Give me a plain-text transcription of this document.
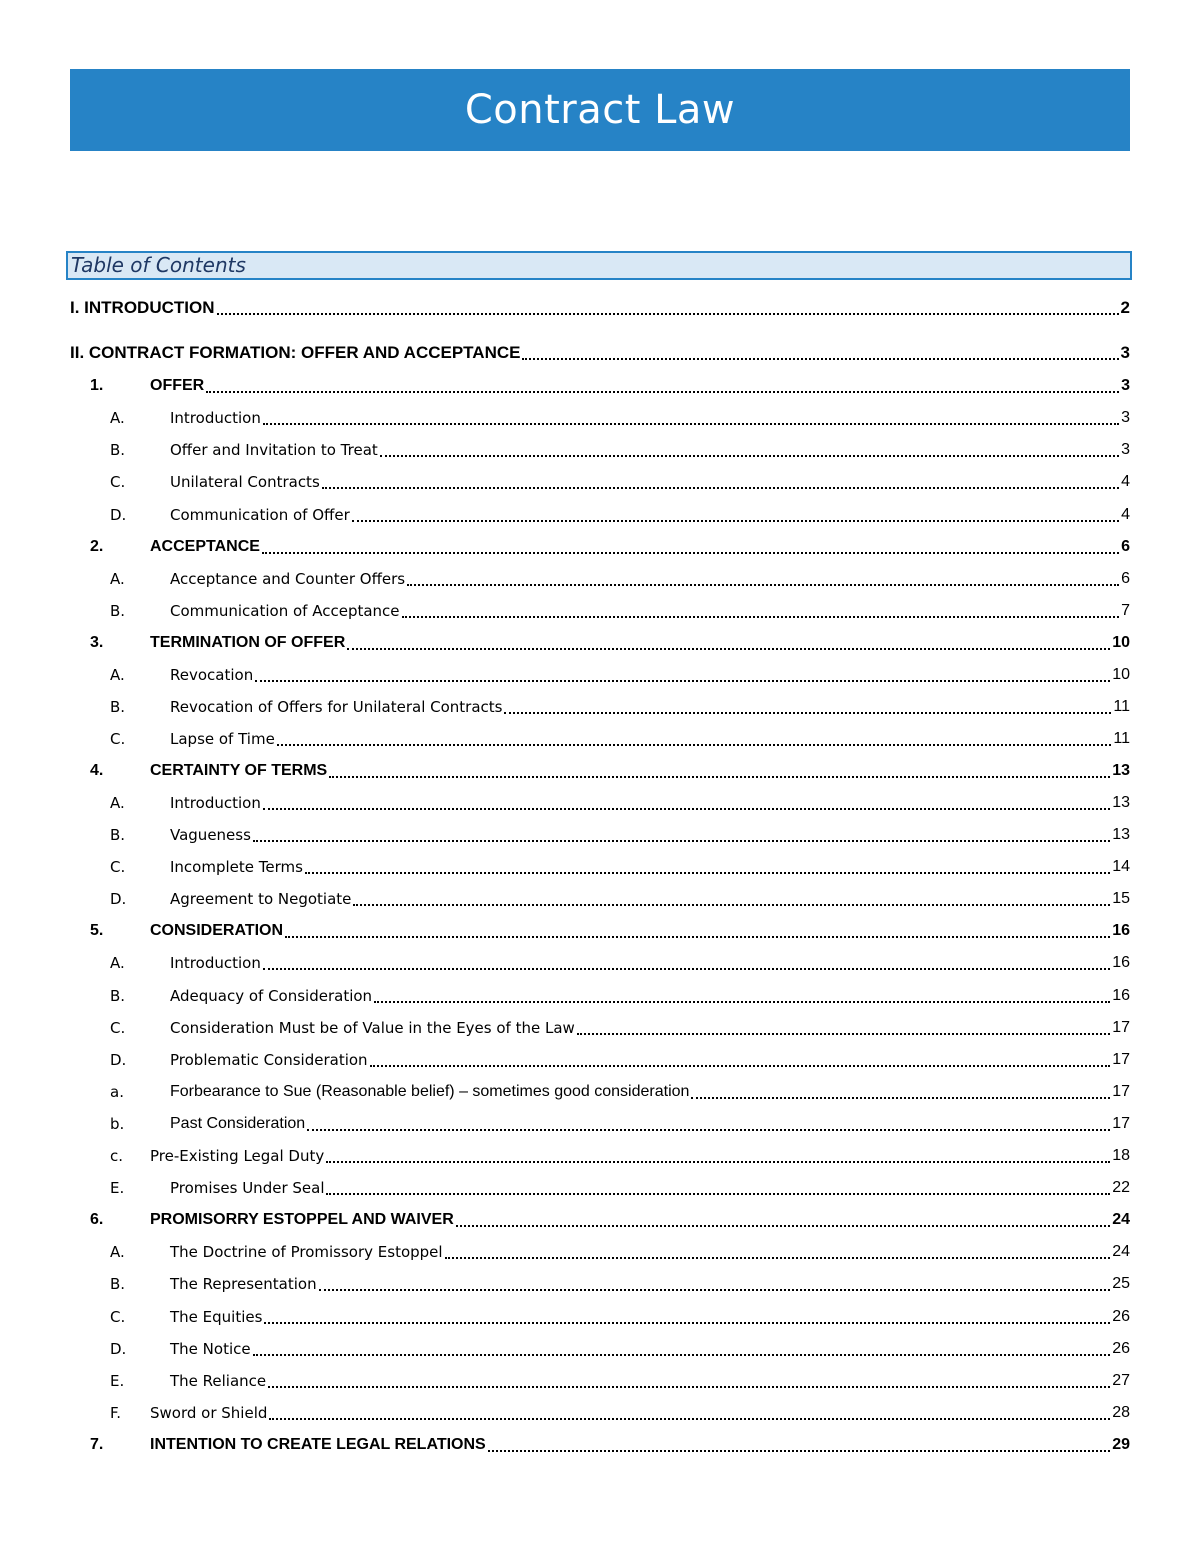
Contract Law
Table of Contents
I. INTRODUCTION	2
II. CONTRACT FORMATION: OFFER AND ACCEPTANCE	3
1.	OFFER	3
A.	Introduction	3
B.	Offer and Invitation to Treat	3
C.	Unilateral Contracts	4
D.	Communication of Offer	4
2.	ACCEPTANCE	6
A.	Acceptance and Counter Offers	6
B.	Communication of Acceptance	7
3.	TERMINATION OF OFFER	10
A.	Revocation	10
B.	Revocation of Offers for Unilateral Contracts	11
C.	Lapse of Time	11
4.	CERTAINTY OF TERMS	13
A.	Introduction	13
B.	Vagueness	13
C.	Incomplete Terms	14
D.	Agreement to Negotiate	15
5.	CONSIDERATION	16
A.	Introduction	16
B.	Adequacy of Consideration	16
C.	Consideration Must be of Value in the Eyes of the Law	17
D.	Problematic Consideration	17
a.	Forbearance to Sue (Reasonable belief) – sometimes good consideration	17
b.	Past Consideration	17
c. Pre-Existing Legal Duty	18
E.	Promises Under Seal	22
6.	PROMISORRY ESTOPPEL AND WAIVER	24
A.	The Doctrine of Promissory Estoppel	24
B.	The Representation	25
C.	The Equities	26
D.	The Notice	26
E.	The Reliance	27
F. Sword or Shield	28
7.	INTENTION TO CREATE LEGAL RELATIONS	29
